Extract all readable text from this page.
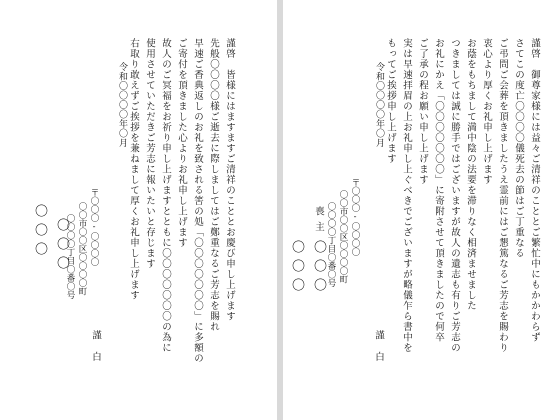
謹啓　皆様にはますますご清祥のこととお慶び申し上げます
先般〇〇〇〇様ご逝去に際しましてはご鄭重なるご芳志を賜れ
早速ご香典返しのお礼を致される筈の処「〇〇〇〇〇〇〇」に多額の
ご寄付を頂きました心よりお礼申し上げます
故人のご冥福をお祈り申し上げますとともに〇〇〇〇〇〇〇の為に
使用させていただきご芳志に報いたいと存じます
右取り敢えずご挨拶を兼ねまして厚くお礼申し上げます
令和〇〇〇〇年〇月
〒〇〇〇-〇〇〇〇
〇〇市〇〇区〇〇〇〇町
〇〇〇〇丁目〇番〇号
〇〇〇
〇〇〇
謹白
謹啓　御尊家様には益々ご清祥のこととご繁忙中にもかかわらず
さてこの度亡〇〇〇〇儀死去の節はご丁重なる
ご弔問ご会葬を頂きましたうえ霊前にはご懇篤なるご芳志を賜わり
衷心より厚くお礼申し上げます
お蔭をもちまして満中陰の法要を滞りなく相済ませました
つきましては誠に勝手ではございますが故人の遺志も有りご芳志の
お礼にかえ「〇〇〇〇〇〇〇」に寄附させて頂きましたので何卒
ご了承の程お願い申し上げます
実は早速拝眉の上お礼申し上ぐべきでございますが略儀乍ら書中を
もってご挨拶申し上げます
令和〇〇〇〇年〇月
〒〇〇〇-〇〇〇〇
〇〇市〇〇区〇〇〇〇町
〇〇〇〇丁目〇番〇号
喪主
〇〇〇
〇〇〇
謹白
